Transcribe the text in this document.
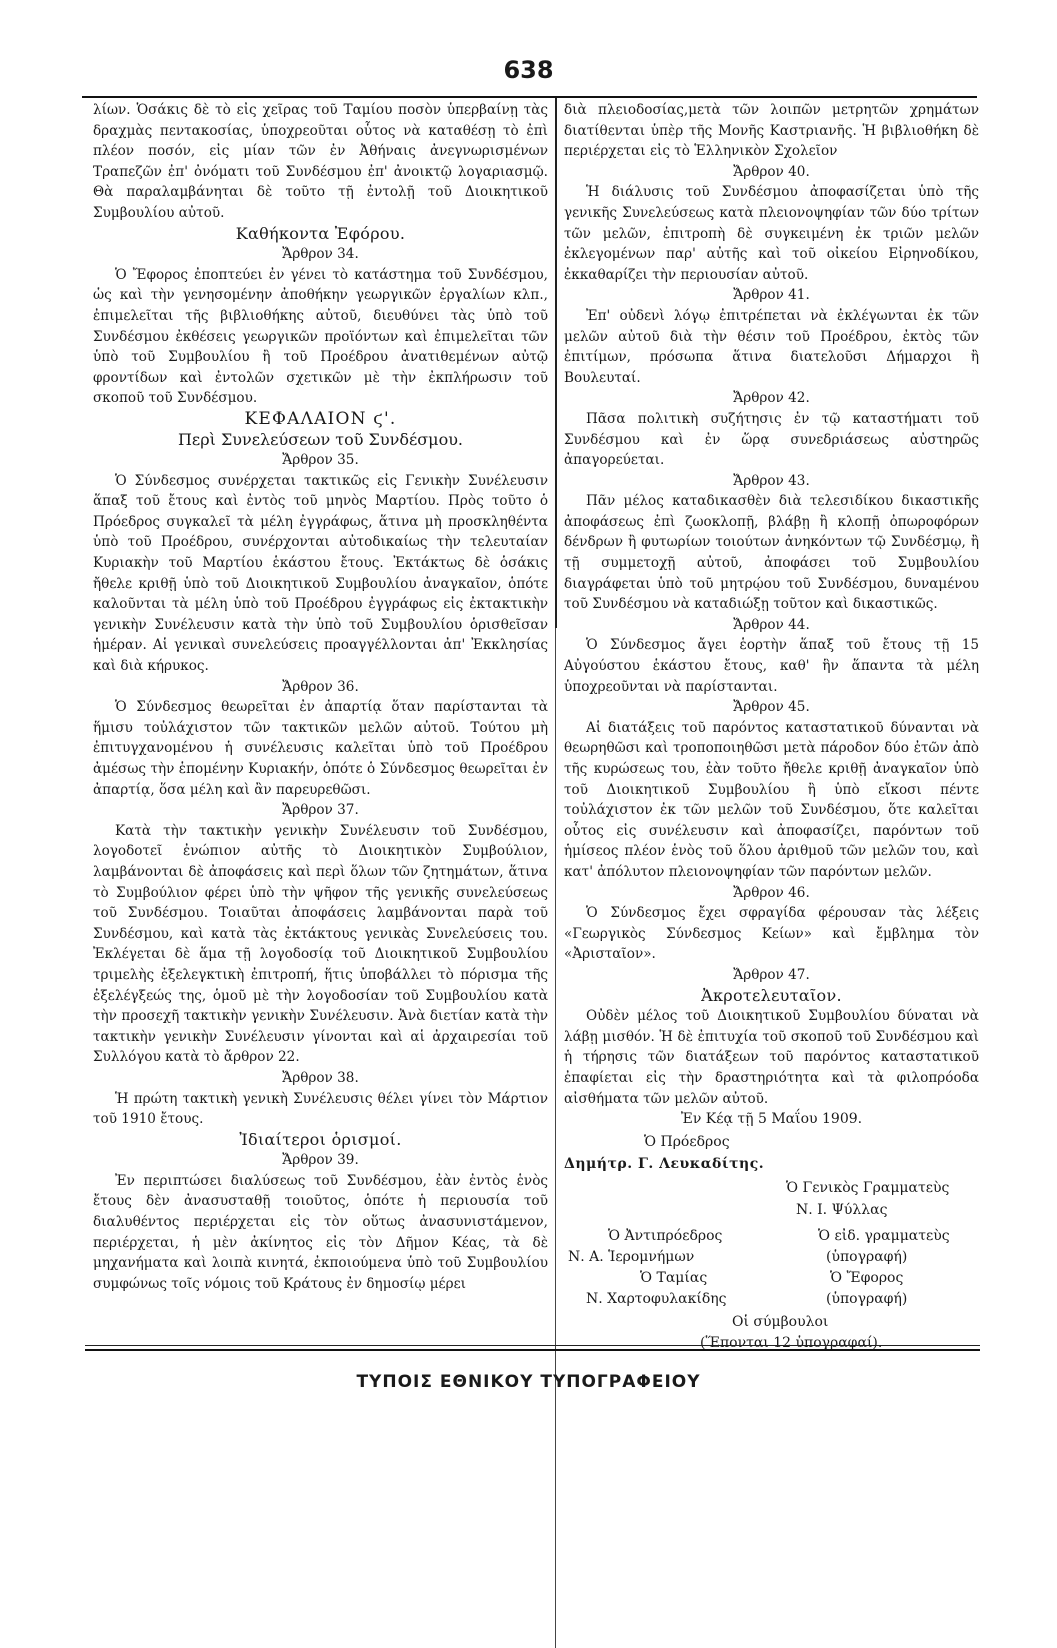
638

λίων. Ὁσάκις δὲ τὸ εἰς χεῖρας τοῦ Ταμίου ποσὸν ὑπερβαίνῃ τὰς δραχμὰς πεντακοσίας, ὑποχρεοῦται οὗτος νὰ καταθέσῃ τὸ ἐπὶ πλέον ποσόν, εἰς μίαν τῶν ἐν Ἀθήναις ἀνεγνωρισμένων Τραπεζῶν ἐπ' ὀνόματι τοῦ Συνδέσμου ἐπ' ἀνοικτῷ λογαριασμῷ. Θὰ παραλαμβάνηται δὲ τοῦτο τῇ ἐντολῇ τοῦ Διοικητικοῦ Συμβουλίου αὐτοῦ.

Καθήκοντα Ἐφόρου.
Ἄρθρον 34.

Ὁ Ἔφορος ἐποπτεύει ἐν γένει τὸ κατάστημα τοῦ Συνδέσμου, ὡς καὶ τὴν γενησομένην ἀποθήκην γεωργικῶν ἐργαλίων κλπ., ἐπιμελεῖται τῆς βιβλιοθήκης αὐτοῦ, διευθύνει τὰς ὑπὸ τοῦ Συνδέσμου ἐκθέσεις γεωργικῶν προϊόντων καὶ ἐπιμελεῖται τῶν ὑπὸ τοῦ Συμβουλίου ἢ τοῦ Προέδρου ἀνατιθεμένων αὐτῷ φροντίδων καὶ ἐντολῶν σχετικῶν μὲ τὴν ἐκπλήρωσιν τοῦ σκοποῦ τοῦ Συνδέσμου.

ΚΕΦΑΛΑΙΟΝ ϛ'.
Περὶ Συνελεύσεων τοῦ Συνδέσμου.
Ἄρθρον 35.

Ὁ Σύνδεσμος συνέρχεται τακτικῶς εἰς Γενικὴν Συνέλευσιν ἅπαξ τοῦ ἔτους καὶ ἐντὸς τοῦ μηνὸς Μαρτίου. Πρὸς τοῦτο ὁ Πρόεδρος συγκαλεῖ τὰ μέλη ἐγγράφως, ἅτινα μὴ προσκληθέντα ὑπὸ τοῦ Προέδρου, συνέρχονται αὐτοδικαίως τὴν τελευταίαν Κυριακὴν τοῦ Μαρτίου ἑκάστου ἔτους. Ἐκτάκτως δὲ ὁσάκις ἤθελε κριθῇ ὑπὸ τοῦ Διοικητικοῦ Συμβουλίου ἀναγκαῖον, ὁπότε καλοῦνται τὰ μέλη ὑπὸ τοῦ Προέδρου ἐγγράφως εἰς ἐκτακτικὴν γενικὴν Συνέλευσιν κατὰ τὴν ὑπὸ τοῦ Συμβουλίου ὁρισθεῖσαν ἡμέραν. Αἱ γενικαὶ συνελεύσεις προαγγέλλονται ἀπ' Ἐκκλησίας καὶ διὰ κήρυκος.

Ἄρθρον 36.

Ὁ Σύνδεσμος θεωρεῖται ἐν ἀπαρτίᾳ ὅταν παρίστανται τὰ ἥμισυ τοὐλάχιστον τῶν τακτικῶν μελῶν αὐτοῦ. Τούτου μὴ ἐπιτυγχανομένου ἡ συνέλευσις καλεῖται ὑπὸ τοῦ Προέδρου ἀμέσως τὴν ἑπομένην Κυριακήν, ὁπότε ὁ Σύνδεσμος θεωρεῖται ἐν ἀπαρτίᾳ, ὅσα μέλη καὶ ἂν παρευρεθῶσι.

Ἄρθρον 37.

Κατὰ τὴν τακτικὴν γενικὴν Συνέλευσιν τοῦ Συνδέσμου, λογοδοτεῖ ἐνώπιον αὐτῆς τὸ Διοικητικὸν Συμβούλιον, λαμβάνονται δὲ ἀποφάσεις καὶ περὶ ὅλων τῶν ζητημάτων, ἅτινα τὸ Συμβούλιον φέρει ὑπὸ τὴν ψῆφον τῆς γενικῆς συνελεύσεως τοῦ Συνδέσμου. Τοιαῦται ἀποφάσεις λαμβάνονται παρὰ τοῦ Συνδέσμου, καὶ κατὰ τὰς ἐκτάκτους γενικὰς Συνελεύσεις του. Ἐκλέγεται δὲ ἅμα τῇ λογοδοσίᾳ τοῦ Διοικητικοῦ Συμβουλίου τριμελὴς ἐξελεγκτικὴ ἐπιτροπή, ἥτις ὑποβάλλει τὸ πόρισμα τῆς ἐξελέγξεώς της, ὁμοῦ μὲ τὴν λογοδοσίαν τοῦ Συμβουλίου κατὰ τὴν προσεχῆ τακτικὴν γενικὴν Συνέλευσιν. Ἀνὰ διετίαν κατὰ τὴν τακτικὴν γενικὴν Συνέλευσιν γίνονται καὶ αἱ ἀρχαιρεσίαι τοῦ Συλλόγου κατὰ τὸ ἄρθρον 22.

Ἄρθρον 38.

Ἡ πρώτη τακτικὴ γενικὴ Συνέλευσις θέλει γίνει τὸν Μάρτιον τοῦ 1910 ἔτους.

Ἰδιαίτεροι ὁρισμοί.
Ἄρθρον 39.

Ἐν περιπτώσει διαλύσεως τοῦ Συνδέσμου, ἐὰν ἐντὸς ἑνὸς ἔτους δὲν ἀνασυσταθῇ τοιοῦτος, ὁπότε ἡ περιουσία τοῦ διαλυθέντος περιέρχεται εἰς τὸν οὕτως ἀνασυνιστάμενον, περιέρχεται, ἡ μὲν ἀκίνητος εἰς τὸν Δῆμον Κέας, τὰ δὲ μηχανήματα καὶ λοιπὰ κινητά, ἐκποιούμενα ὑπὸ τοῦ Συμβουλίου συμφώνως τοῖς νόμοις τοῦ Κράτους ἐν δημοσίῳ μέρει

διὰ πλειοδοσίας,μετὰ τῶν λοιπῶν μετρητῶν χρημάτων διατίθενται ὑπὲρ τῆς Μονῆς Καστριανῆς. Ἡ βιβλιοθήκη δὲ περιέρχεται εἰς τὸ Ἑλληνικὸν Σχολεῖον

Ἄρθρον 40.

Ἡ διάλυσις τοῦ Συνδέσμου ἀποφασίζεται ὑπὸ τῆς γενικῆς Συνελεύσεως κατὰ πλειονοψηφίαν τῶν δύο τρίτων τῶν μελῶν, ἐπιτροπὴ δὲ συγκειμένη ἐκ τριῶν μελῶν ἐκλεγομένων παρ' αὐτῆς καὶ τοῦ οἰκείου Εἰρηνοδίκου, ἐκκαθαρίζει τὴν περιουσίαν αὐτοῦ.

Ἄρθρον 41.

Ἐπ' οὐδενὶ λόγῳ ἐπιτρέπεται νὰ ἐκλέγωνται ἐκ τῶν μελῶν αὐτοῦ διὰ τὴν θέσιν τοῦ Προέδρου, ἐκτὸς τῶν ἐπιτίμων, πρόσωπα ἅτινα διατελοῦσι Δήμαρχοι ἢ Βουλευταί.

Ἄρθρον 42.

Πᾶσα πολιτικὴ συζήτησις ἐν τῷ καταστήματι τοῦ Συνδέσμου καὶ ἐν ὥρᾳ συνεδριάσεως αὐστηρῶς ἀπαγορεύεται.

Ἄρθρον 43.

Πᾶν μέλος καταδικασθὲν διὰ τελεσιδίκου δικαστικῆς ἀποφάσεως ἐπὶ ζωοκλοπῇ, βλάβῃ ἢ κλοπῇ ὀπωροφόρων δένδρων ἢ φυτωρίων τοιούτων ἀνηκόντων τῷ Συνδέσμῳ, ἢ τῇ συμμετοχῇ αὐτοῦ, ἀποφάσει τοῦ Συμβουλίου διαγράφεται ὑπὸ τοῦ μητρῴου τοῦ Συνδέσμου, δυναμένου τοῦ Συνδέσμου νὰ καταδιώξῃ τοῦτον καὶ δικαστικῶς.

Ἄρθρον 44.

Ὁ Σύνδεσμος ἄγει ἑορτὴν ἅπαξ τοῦ ἔτους τῇ 15 Αὐγούστου ἑκάστου ἔτους, καθ' ἣν ἅπαντα τὰ μέλη ὑποχρεοῦνται νὰ παρίστανται.

Ἄρθρον 45.

Αἱ διατάξεις τοῦ παρόντος καταστατικοῦ δύνανται νὰ θεωρηθῶσι καὶ τροποποιηθῶσι μετὰ πάροδον δύο ἐτῶν ἀπὸ τῆς κυρώσεως του, ἐὰν τοῦτο ἤθελε κριθῇ ἀναγκαῖον ὑπὸ τοῦ Διοικητικοῦ Συμβουλίου ἢ ὑπὸ εἴκοσι πέντε τοὐλάχιστον ἐκ τῶν μελῶν τοῦ Συνδέσμου, ὅτε καλεῖται οὗτος εἰς συνέλευσιν καὶ ἀποφασίζει, παρόντων τοῦ ἡμίσεος πλέον ἑνὸς τοῦ ὅλου ἀριθμοῦ τῶν μελῶν του, καὶ κατ' ἀπόλυτον πλειονοψηφίαν τῶν παρόντων μελῶν.

Ἄρθρον 46.

Ὁ Σύνδεσμος ἔχει σφραγίδα φέρουσαν τὰς λέξεις «Γεωργικὸς Σύνδεσμος Κείων» καὶ ἔμβλημα τὸν «Ἀρισταῖον».

Ἄρθρον 47.
Ἀκροτελευταῖον.

Οὐδὲν μέλος τοῦ Διοικητικοῦ Συμβουλίου δύναται νὰ λάβῃ μισθόν. Ἡ δὲ ἐπιτυχία τοῦ σκοποῦ τοῦ Συνδέσμου καὶ ἡ τήρησις τῶν διατάξεων τοῦ παρόντος καταστατικοῦ ἐπαφίεται εἰς τὴν δραστηριότητα καὶ τὰ φιλοπρόοδα αἰσθήματα τῶν μελῶν αὐτοῦ.

Ἐν Κέᾳ τῇ 5 Μαΐου 1909.
Ὁ Πρόεδρος
Δημήτρ. Γ. Λευκαδίτης.
Ὁ Γενικὸς Γραμματεὺς
Ν. Ι. Ψύλλας
Ὁ Ἀντιπρόεδρος	Ὁ εἰδ. γραμματεὺς
Ν. Α. Ἱερομνήμων	(ὑπογραφή)
Ὁ Ταμίας	Ὁ Ἔφορος
Ν. Χαρτοφυλακίδης	(ὑπογραφή)
Οἱ σύμβουλοι
(Ἕπονται 12 ὑπογραφαί).
ΤΥΠΟΙΣ ΕΘΝΙΚΟΥ ΤΥΠΟΓΡΑΦΕΙΟΥ
